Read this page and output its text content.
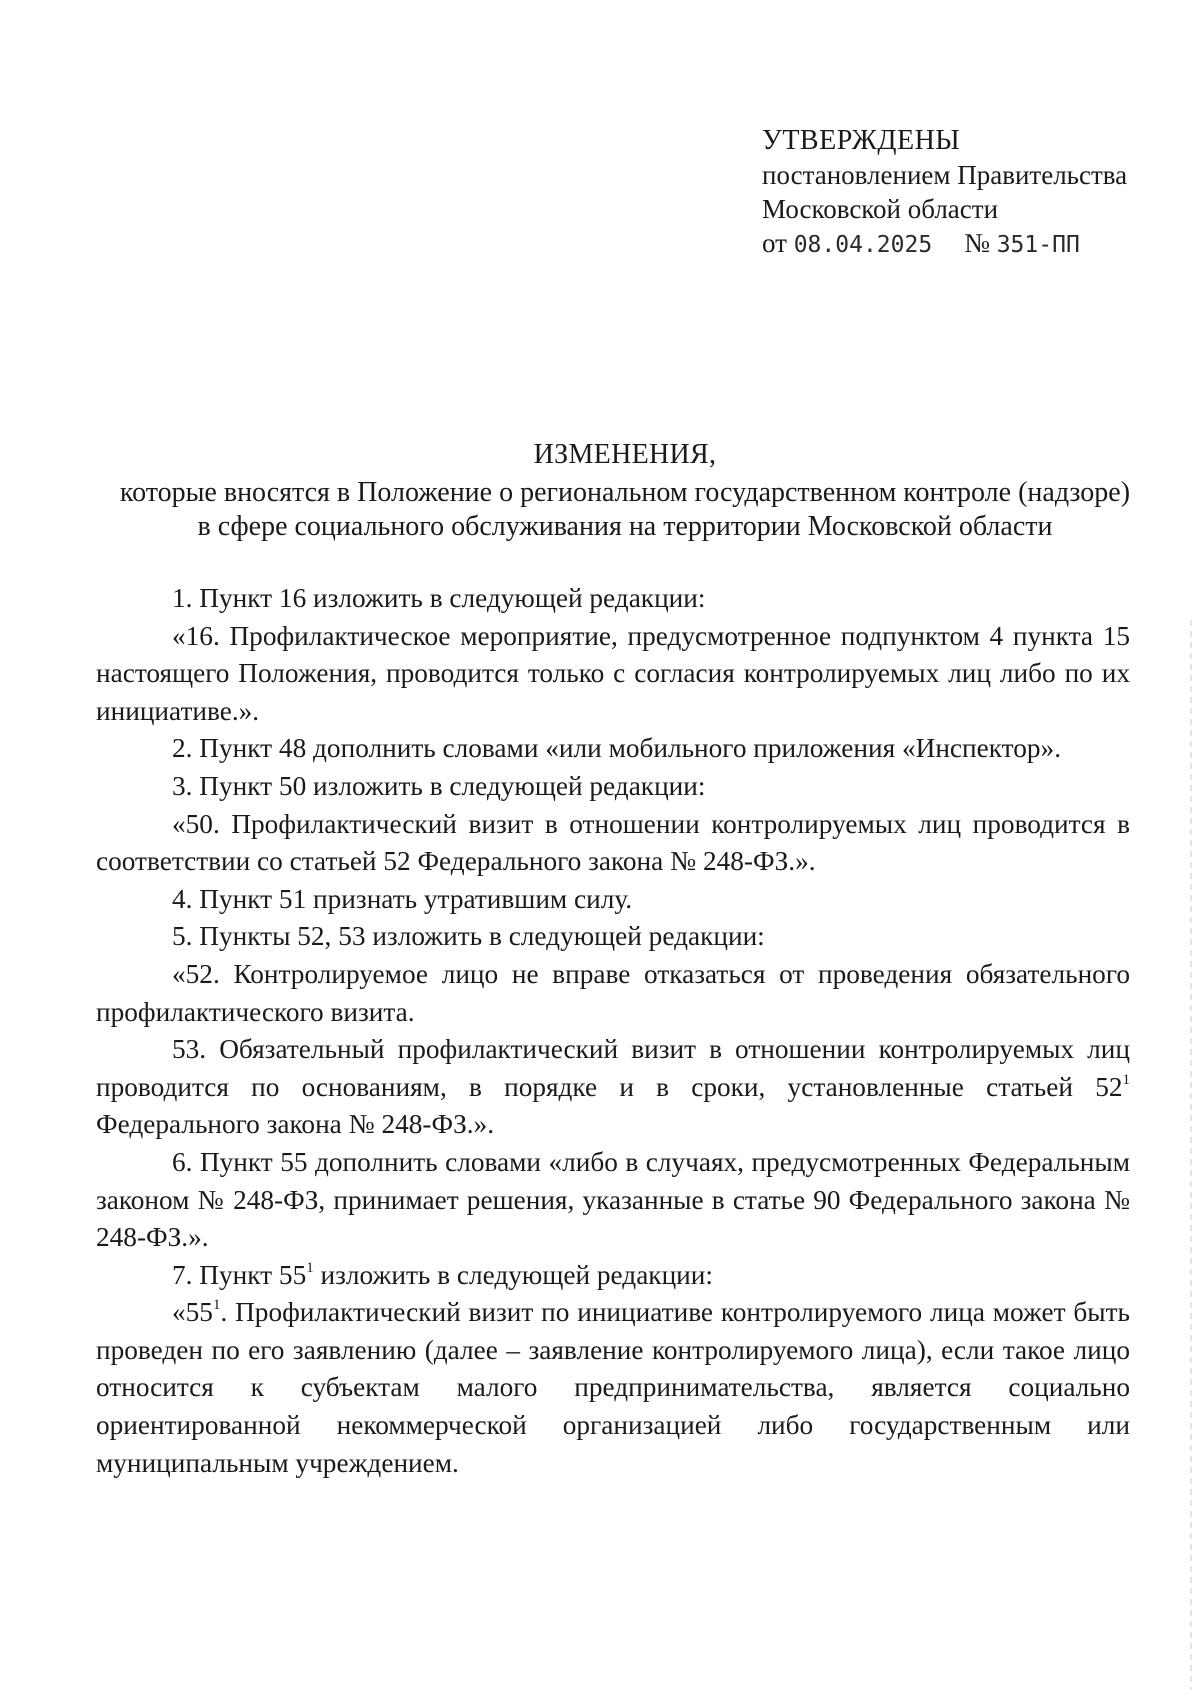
УТВЕРЖДЕНЫ
постановлением Правительства
Московской области
от 08.04.2025 № 351-ПП
ИЗМЕНЕНИЯ,
которые вносятся в Положение о региональном государственном контроле (надзоре)
в сфере социального обслуживания на территории Московской области

1. Пункт 16 изложить в следующей редакции:

«16. Профилактическое мероприятие, предусмотренное подпунктом 4 пункта 15 настоящего Положения, проводится только с согласия контролируемых лиц либо по их инициативе.».

2. Пункт 48 дополнить словами «или мобильного приложения «Инспектор».

3. Пункт 50 изложить в следующей редакции:

«50. Профилактический визит в отношении контролируемых лиц проводится в соответствии со статьей 52 Федерального закона № 248-ФЗ.».

4. Пункт 51 признать утратившим силу.

5. Пункты 52, 53 изложить в следующей редакции:

«52. Контролируемое лицо не вправе отказаться от проведения обязательного профилактического визита.

53. Обязательный профилактический визит в отношении контролируемых лиц проводится по основаниям, в порядке и в сроки, установленные статьей $52^1$ Федерального закона № 248-ФЗ.».

6. Пункт 55 дополнить словами «либо в случаях, предусмотренных Федеральным законом № 248-ФЗ, принимает решения, указанные в статье 90 Федерального закона № 248-ФЗ.».

7. Пункт $55^1$ изложить в следующей редакции:

«$55^1$. Профилактический визит по инициативе контролируемого лица может быть проведен по его заявлению (далее – заявление контролируемого лица), если такое лицо относится к субъектам малого предпринимательства, является социально ориентированной некоммерческой организацией либо государственным или муниципальным учреждением.
